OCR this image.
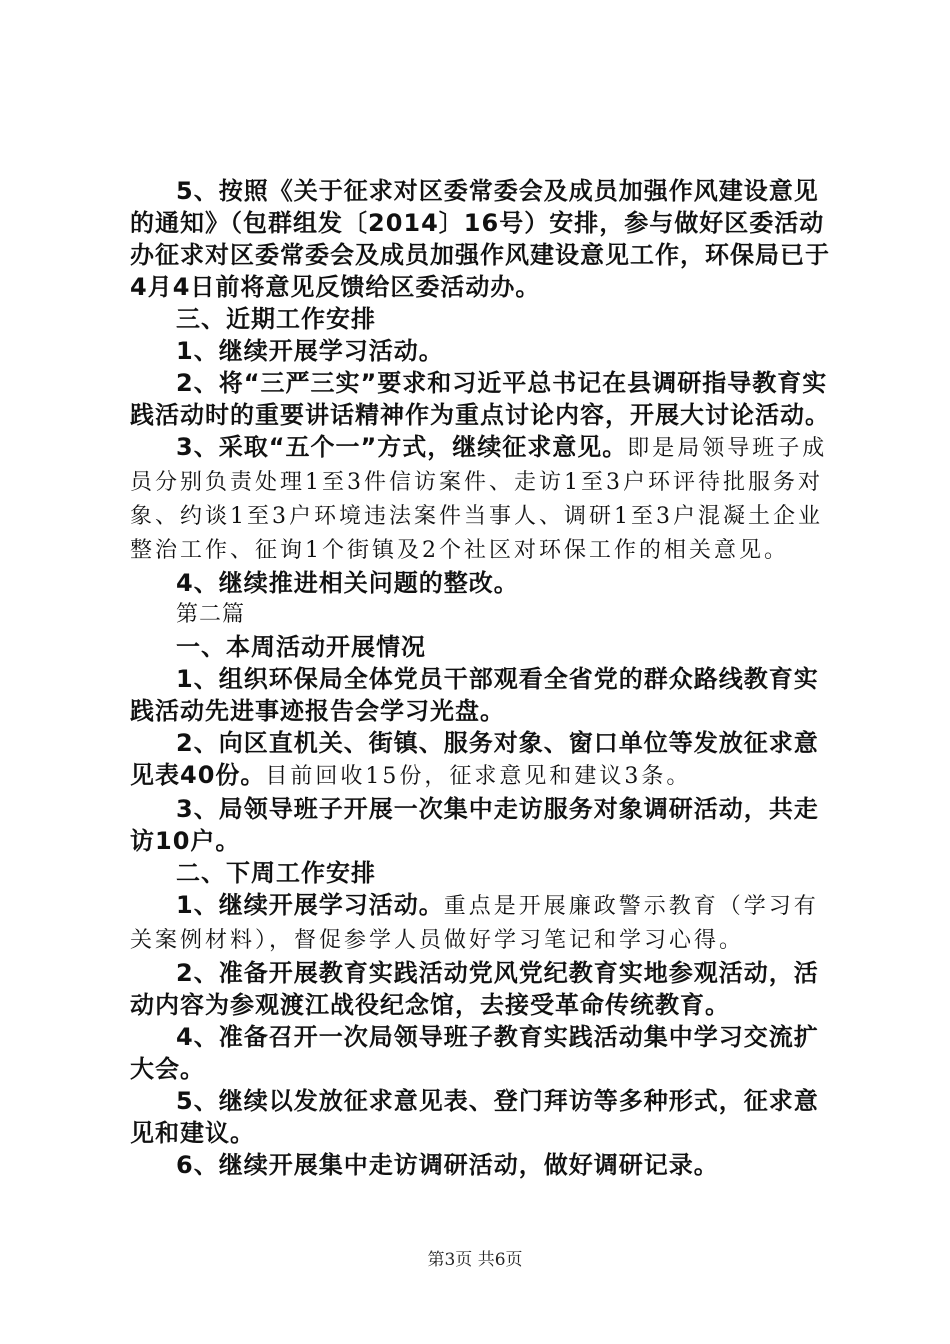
5、按照《关于征求对区委常委会及成员加强作风建设意见的通知》（包群组发〔2014〕16号）安排，参与做好区委活动办征求对区委常委会及成员加强作风建设意见工作，环保局已于4月4日前将意见反馈给区委活动办。

三、近期工作安排

1、继续开展学习活动。

2、将“三严三实”要求和习近平总书记在县调研指导教育实践活动时的重要讲话精神作为重点讨论内容，开展大讨论活动。

3、采取“五个一”方式，继续征求意见。即是局领导班子成员分别负责处理1至3件信访案件、走访1至3户环评待批服务对象、约谈1至3户环境违法案件当事人、调研1至3户混凝土企业整治工作、征询1个街镇及2个社区对环保工作的相关意见。

4、继续推进相关问题的整改。

第二篇

一、本周活动开展情况

1、组织环保局全体党员干部观看全省党的群众路线教育实践活动先进事迹报告会学习光盘。

2、向区直机关、街镇、服务对象、窗口单位等发放征求意见表40份。目前回收15份，征求意见和建议3条。

3、局领导班子开展一次集中走访服务对象调研活动，共走访10户。

二、下周工作安排

1、继续开展学习活动。重点是开展廉政警示教育（学习有关案例材料），督促参学人员做好学习笔记和学习心得。

2、准备开展教育实践活动党风党纪教育实地参观活动，活动内容为参观渡江战役纪念馆，去接受革命传统教育。

4、准备召开一次局领导班子教育实践活动集中学习交流扩大会。

5、继续以发放征求意见表、登门拜访等多种形式，征求意见和建议。

6、继续开展集中走访调研活动，做好调研记录。

第3页 共6页
